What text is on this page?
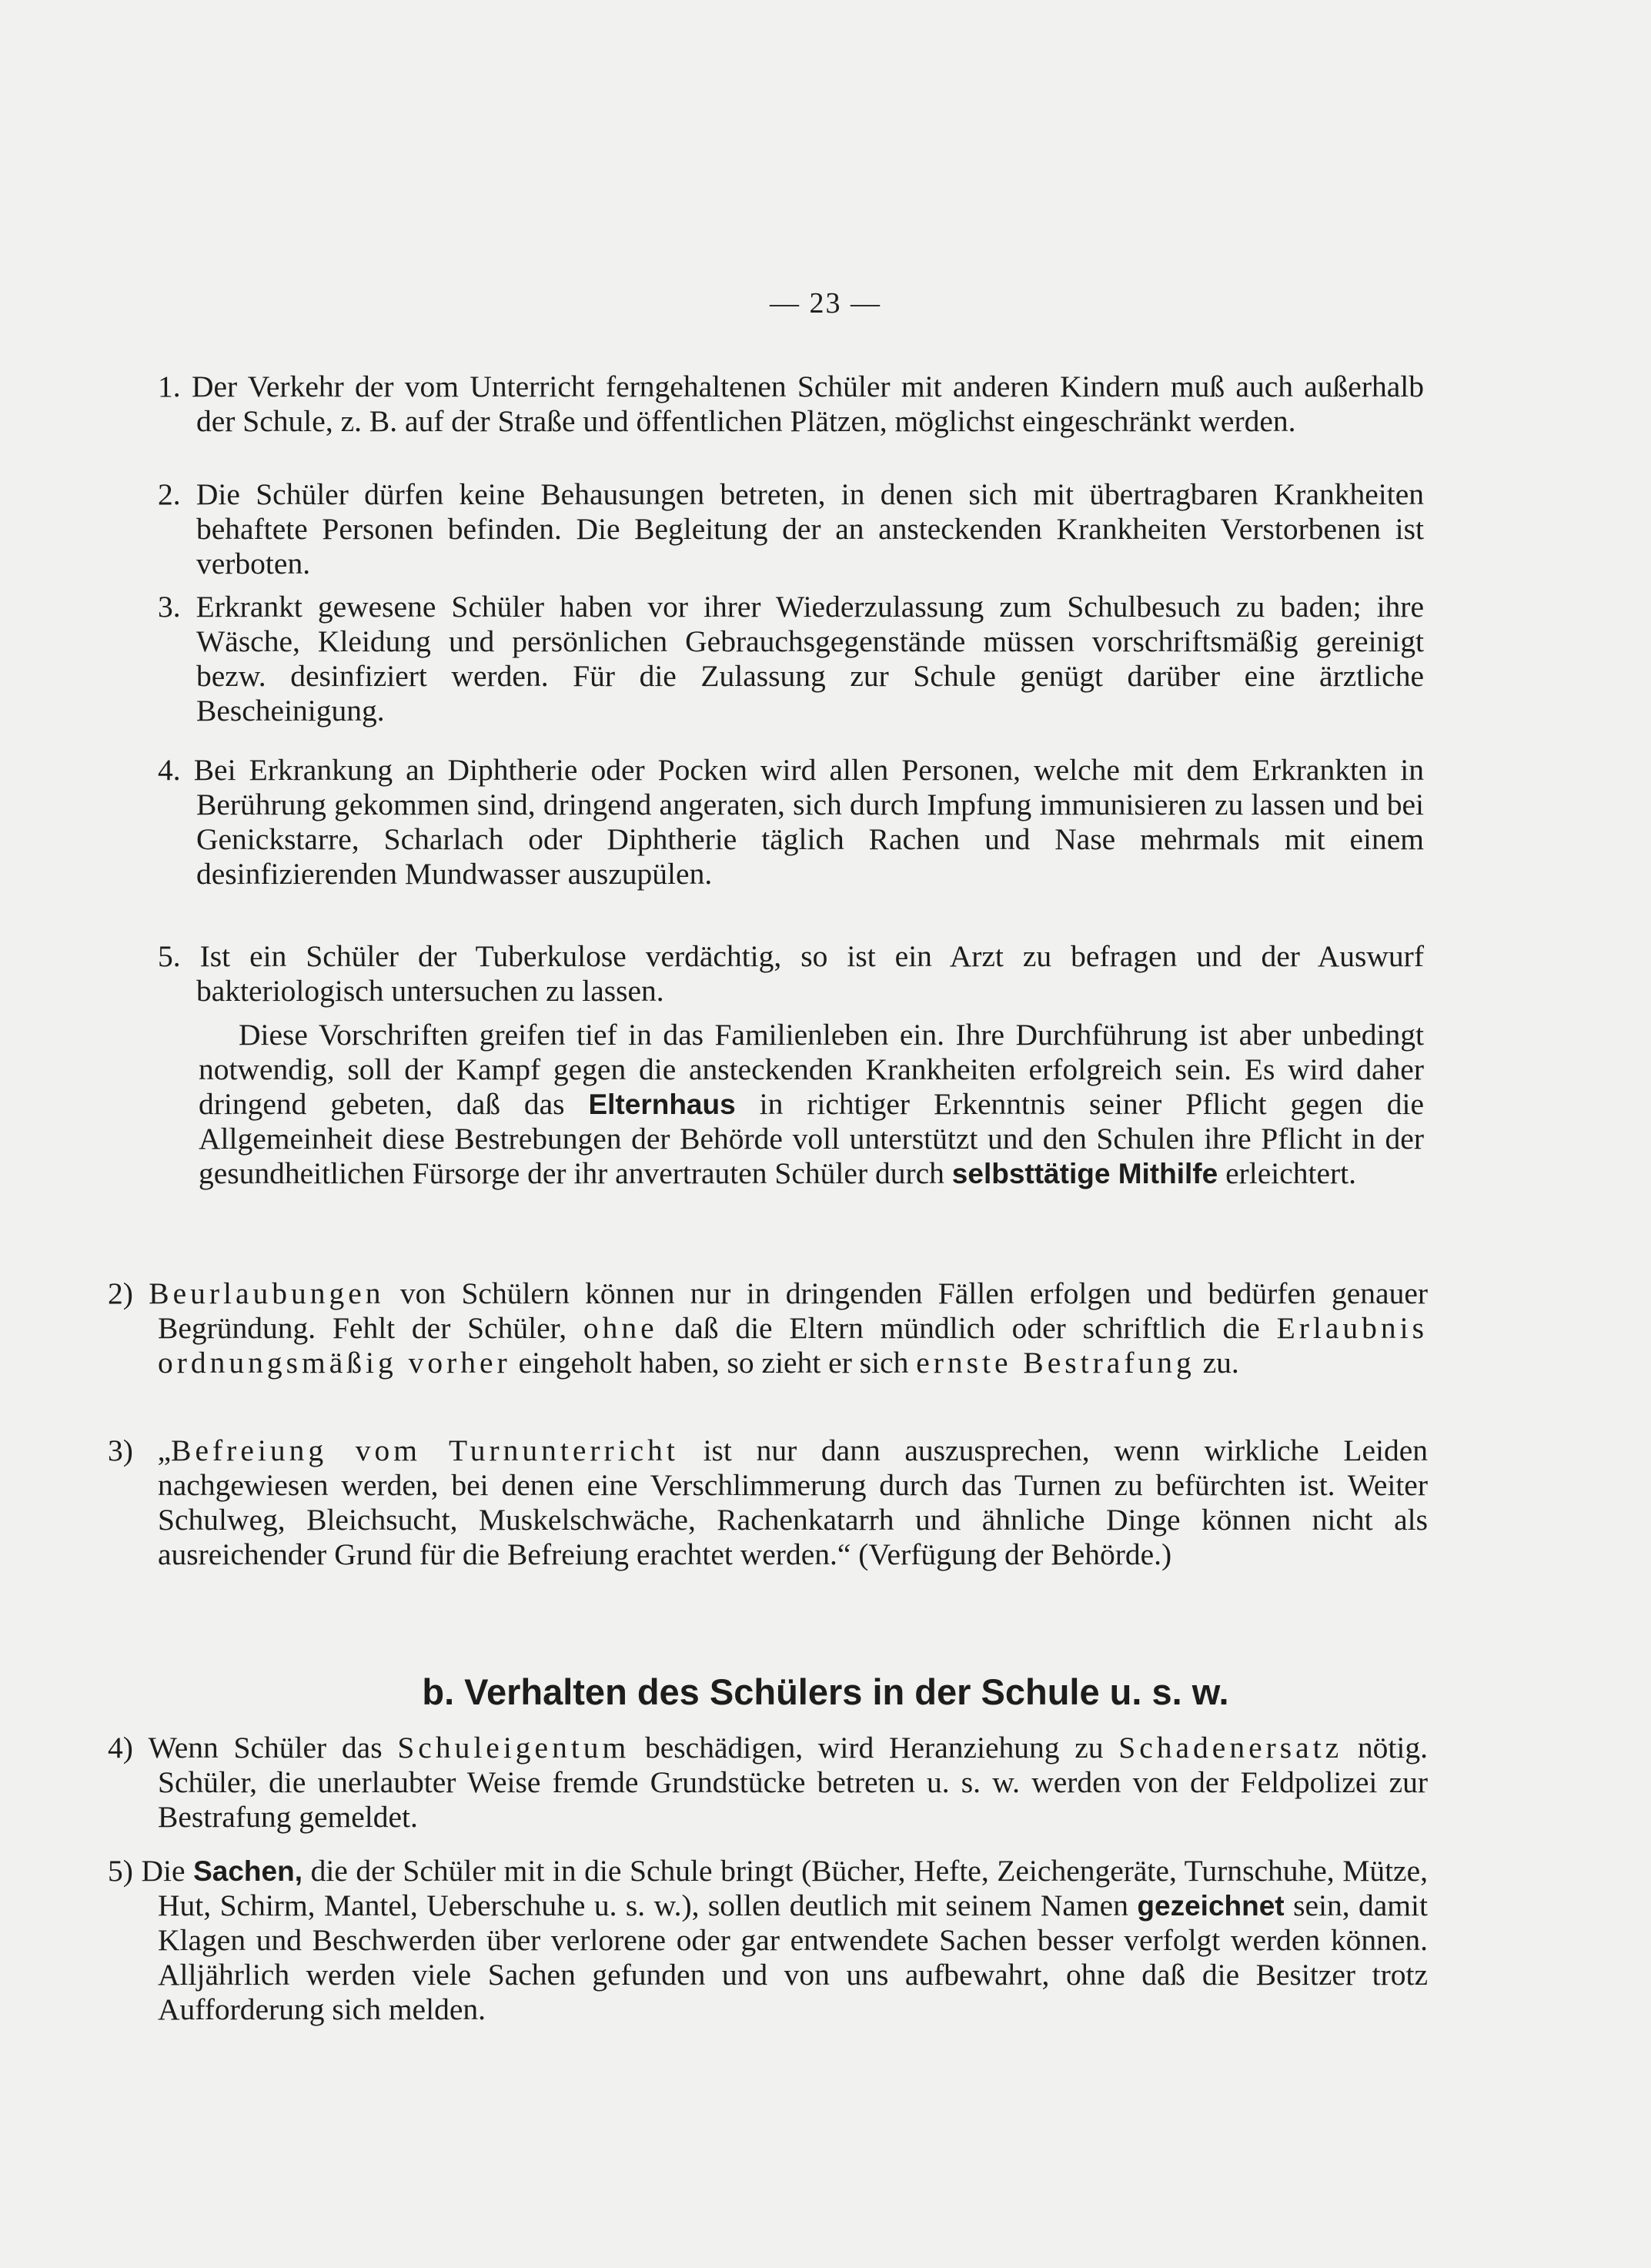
— 23 —
1. Der Verkehr der vom Unterricht ferngehaltenen Schüler mit anderen Kindern muß auch außerhalb der Schule, z. B. auf der Straße und öffentlichen Plätzen, möglichst eingeschränkt werden.
2. Die Schüler dürfen keine Behausungen betreten, in denen sich mit übertragbaren Krankheiten behaftete Personen befinden. Die Begleitung der an ansteckenden Krankheiten Verstorbenen ist verboten.
3. Erkrankt gewesene Schüler haben vor ihrer Wiederzulassung zum Schulbesuch zu baden; ihre Wäsche, Kleidung und persönlichen Gebrauchsgegenstände müssen vorschriftsmäßig gereinigt bezw. desinfiziert werden. Für die Zulassung zur Schule genügt darüber eine ärztliche Bescheinigung.
4. Bei Erkrankung an Diphtherie oder Pocken wird allen Personen, welche mit dem Erkrankten in Berührung gekommen sind, dringend angeraten, sich durch Impfung immunisieren zu lassen und bei Genickstarre, Scharlach oder Diphtherie täglich Rachen und Nase mehrmals mit einem desinfizierenden Mundwasser auszupülen.
5. Ist ein Schüler der Tuberkulose verdächtig, so ist ein Arzt zu befragen und der Auswurf bakteriologisch untersuchen zu lassen.
Diese Vorschriften greifen tief in das Familienleben ein. Ihre Durchführung ist aber unbedingt notwendig, soll der Kampf gegen die ansteckenden Krankheiten erfolgreich sein. Es wird daher dringend gebeten, daß das Elternhaus in richtiger Erkenntnis seiner Pflicht gegen die Allgemeinheit diese Bestrebungen der Behörde voll unterstützt und den Schulen ihre Pflicht in der gesundheitlichen Fürsorge der ihr anvertrauten Schüler durch selbsttätige Mithilfe erleichtert.
2) Beurlaubungen von Schülern können nur in dringenden Fällen erfolgen und bedürfen genauer Begründung. Fehlt der Schüler, ohne daß die Eltern mündlich oder schriftlich die Erlaubnis ordnungsmäßig vorher eingeholt haben, so zieht er sich ernste Bestrafung zu.
3) „Befreiung vom Turnunterricht ist nur dann auszusprechen, wenn wirkliche Leiden nachgewiesen werden, bei denen eine Verschlimmerung durch das Turnen zu befürchten ist. Weiter Schulweg, Bleichsucht, Muskelschwäche, Rachenkatarrh und ähnliche Dinge können nicht als ausreichender Grund für die Befreiung erachtet werden.“ (Verfügung der Behörde.)
b. Verhalten des Schülers in der Schule u. s. w.
4) Wenn Schüler das Schuleigentum beschädigen, wird Heranziehung zu Schadenersatz nötig. Schüler, die unerlaubter Weise fremde Grundstücke betreten u. s. w. werden von der Feldpolizei zur Bestrafung gemeldet.
5) Die Sachen, die der Schüler mit in die Schule bringt (Bücher, Hefte, Zeichengeräte, Turnschuhe, Mütze, Hut, Schirm, Mantel, Ueberschuhe u. s. w.), sollen deutlich mit seinem Namen gezeichnet sein, damit Klagen und Beschwerden über verlorene oder gar entwendete Sachen besser verfolgt werden können. Alljährlich werden viele Sachen gefunden und von uns aufbewahrt, ohne daß die Besitzer trotz Aufforderung sich melden.
